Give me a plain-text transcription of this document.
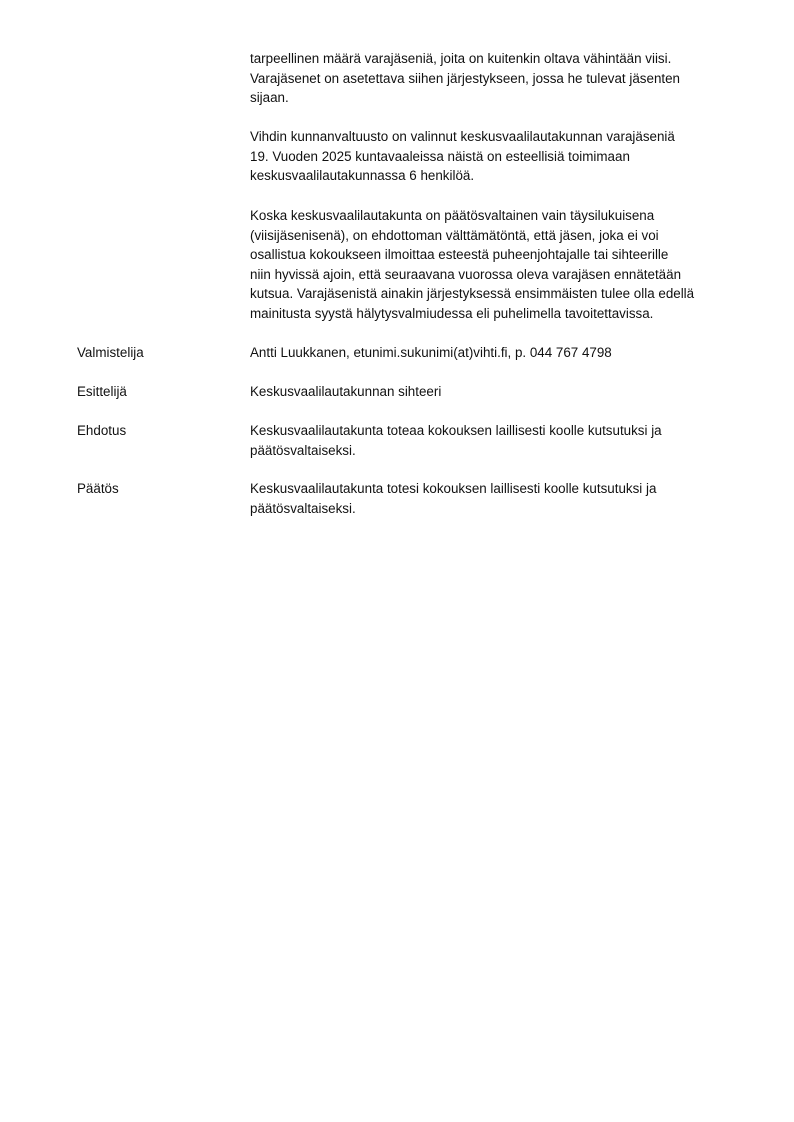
tarpeellinen määrä varajäseniä, joita on kuitenkin oltava vähintään viisi.
Varajäsenet on asetettava siihen järjestykseen, jossa he tulevat jäsenten
sijaan.

Vihdin kunnanvaltuusto on valinnut keskusvaalilautakunnan varajäseniä
19. Vuoden 2025 kuntavaaleissa näistä on esteellisiä toimimaan
keskusvaalilautakunnassa 6 henkilöä.

Koska keskusvaalilautakunta on päätösvaltainen vain täysilukuisena
(viisijäsenisenä), on ehdottoman välttämätöntä, että jäsen, joka ei voi
osallistua kokoukseen ilmoittaa esteestä puheenjohtajalle tai sihteerille
niin hyvissä ajoin, että seuraavana vuorossa oleva varajäsen ennätetään
kutsua. Varajäsenistä ainakin järjestyksessä ensimmäisten tulee olla edellä
mainitusta syystä hälytysvalmiudessa eli puhelimella tavoitettavissa.

Valmistelija	Antti Luukkanen, etunimi.sukunimi(at)vihti.fi, p. 044 767 4798
Esittelijä	Keskusvaalilautakunnan sihteeri
Ehdotus	Keskusvaalilautakunta toteaa kokouksen laillisesti koolle kutsutuksi ja
päätösvaltaiseksi.
Päätös	Keskusvaalilautakunta totesi kokouksen laillisesti koolle kutsutuksi ja
päätösvaltaiseksi.
